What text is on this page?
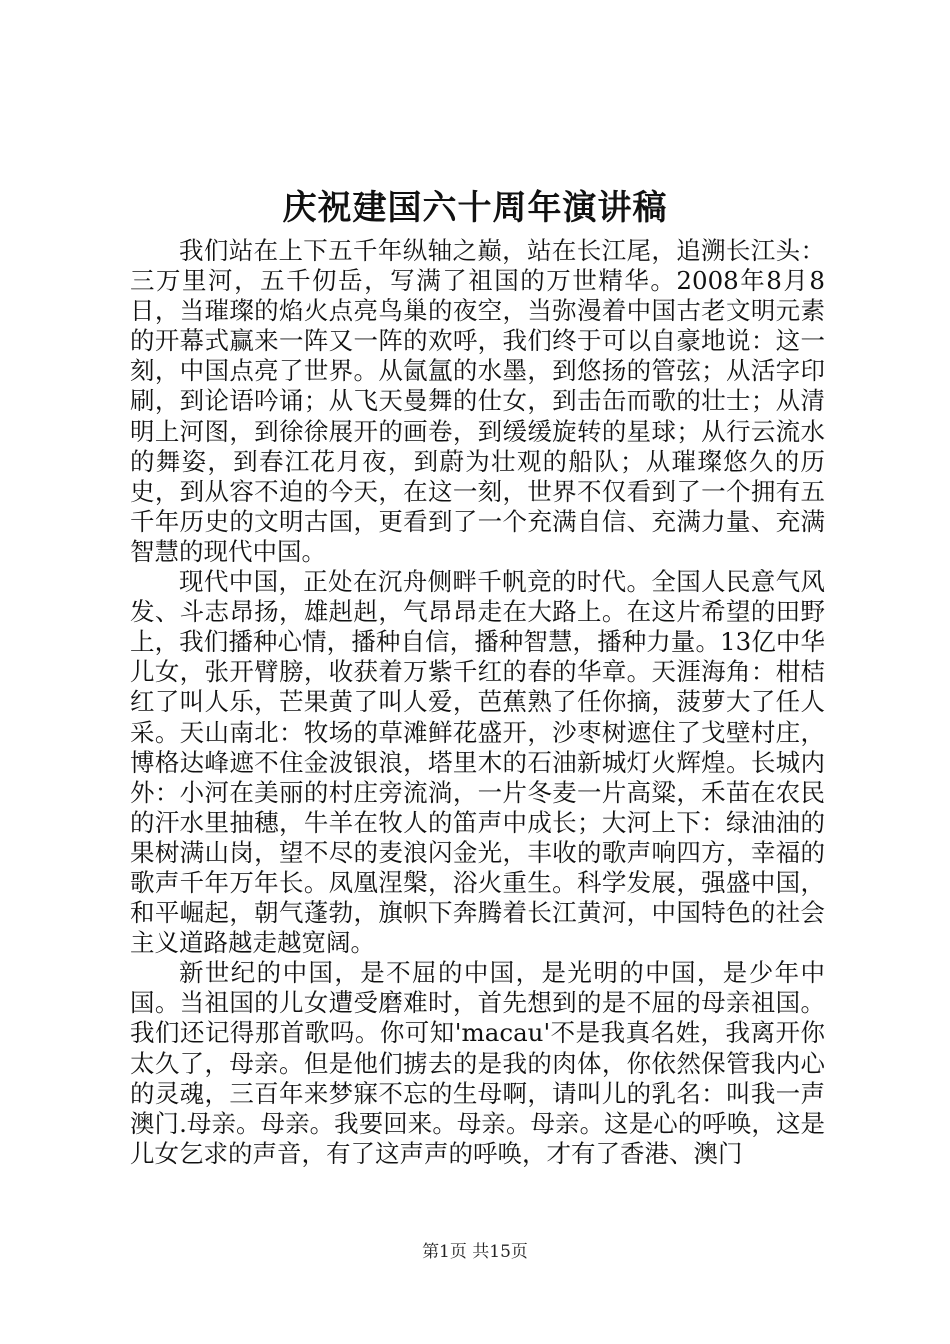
庆祝建国六十周年演讲稿

我们站在上下五千年纵轴之巅，站在长江尾，追溯长江头：三万里河，五千仞岳，写满了祖国的万世精华。2008年8月8日，当璀璨的焰火点亮鸟巢的夜空，当弥漫着中国古老文明元素的开幕式赢来一阵又一阵的欢呼，我们终于可以自豪地说：这一刻，中国点亮了世界。从氤氲的水墨，到悠扬的管弦；从活字印刷，到论语吟诵；从飞天曼舞的仕女，到击缶而歌的壮士；从清明上河图，到徐徐展开的画卷，到缓缓旋转的星球；从行云流水的舞姿，到春江花月夜，到蔚为壮观的船队；从璀璨悠久的历史，到从容不迫的今天，在这一刻，世界不仅看到了一个拥有五千年历史的文明古国，更看到了一个充满自信、充满力量、充满智慧的现代中国。

现代中国，正处在沉舟侧畔千帆竞的时代。全国人民意气风发、斗志昂扬，雄赳赳，气昂昂走在大路上。在这片希望的田野上，我们播种心情，播种自信，播种智慧，播种力量。13亿中华儿女，张开臂膀，收获着万紫千红的春的华章。天涯海角：柑桔红了叫人乐，芒果黄了叫人爱，芭蕉熟了任你摘，菠萝大了任人采。天山南北：牧场的草滩鲜花盛开，沙枣树遮住了戈壁村庄，博格达峰遮不住金波银浪，塔里木的石油新城灯火辉煌。长城内外：小河在美丽的村庄旁流淌，一片冬麦一片高粱，禾苗在农民的汗水里抽穗，牛羊在牧人的笛声中成长；大河上下：绿油油的果树满山岗，望不尽的麦浪闪金光，丰收的歌声响四方，幸福的歌声千年万年长。凤凰涅槃，浴火重生。科学发展，强盛中国，和平崛起，朝气蓬勃，旗帜下奔腾着长江黄河，中国特色的社会主义道路越走越宽阔。

新世纪的中国，是不屈的中国，是光明的中国，是少年中国。当祖国的儿女遭受磨难时，首先想到的是不屈的母亲祖国。我们还记得那首歌吗。你可知'macau'不是我真名姓，我离开你太久了，母亲。但是他们掳去的是我的肉体，你依然保管我内心的灵魂，三百年来梦寐不忘的生母啊，请叫儿的乳名：叫我一声澳门.母亲。母亲。我要回来。母亲。母亲。这是心的呼唤，这是儿女乞求的声音，有了这声声的呼唤，才有了香港、澳门

第1页 共15页
